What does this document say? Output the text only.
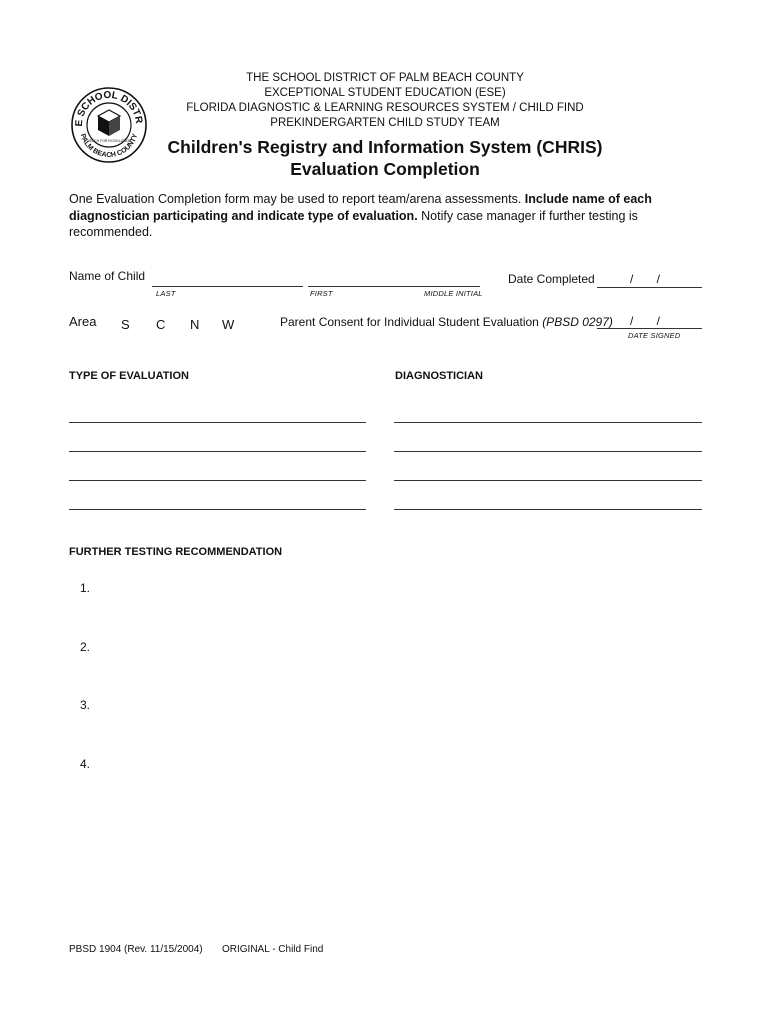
E SCHOOL DISTR
PALM BEACH COUNTY
REACH FOR EXCELLENCE
THE SCHOOL DISTRICT OF PALM BEACH COUNTY
EXCEPTIONAL STUDENT EDUCATION (ESE)
FLORIDA DIAGNOSTIC & LEARNING RESOURCES SYSTEM / CHILD FIND
PREKINDERGARTEN CHILD STUDY TEAM
Children's Registry and Information System (CHRIS)
Evaluation Completion
One Evaluation Completion form may be used to report team/arena assessments. Include name of each diagnostician participating and indicate type of evaluation. Notify case manager if further testing is recommended.
Name of Child
LAST	FIRST	MIDDLE INITIAL
Date Completed	/ /
Area S C N W	Parent Consent for Individual Student Evaluation (PBSD 0297) / /
DATE SIGNED
TYPE OF EVALUATION	DIAGNOSTICIAN
FURTHER TESTING RECOMMENDATION
1.
2.
3.
4.
PBSD 1904 (Rev. 11/15/2004) ORIGINAL - Child Find
